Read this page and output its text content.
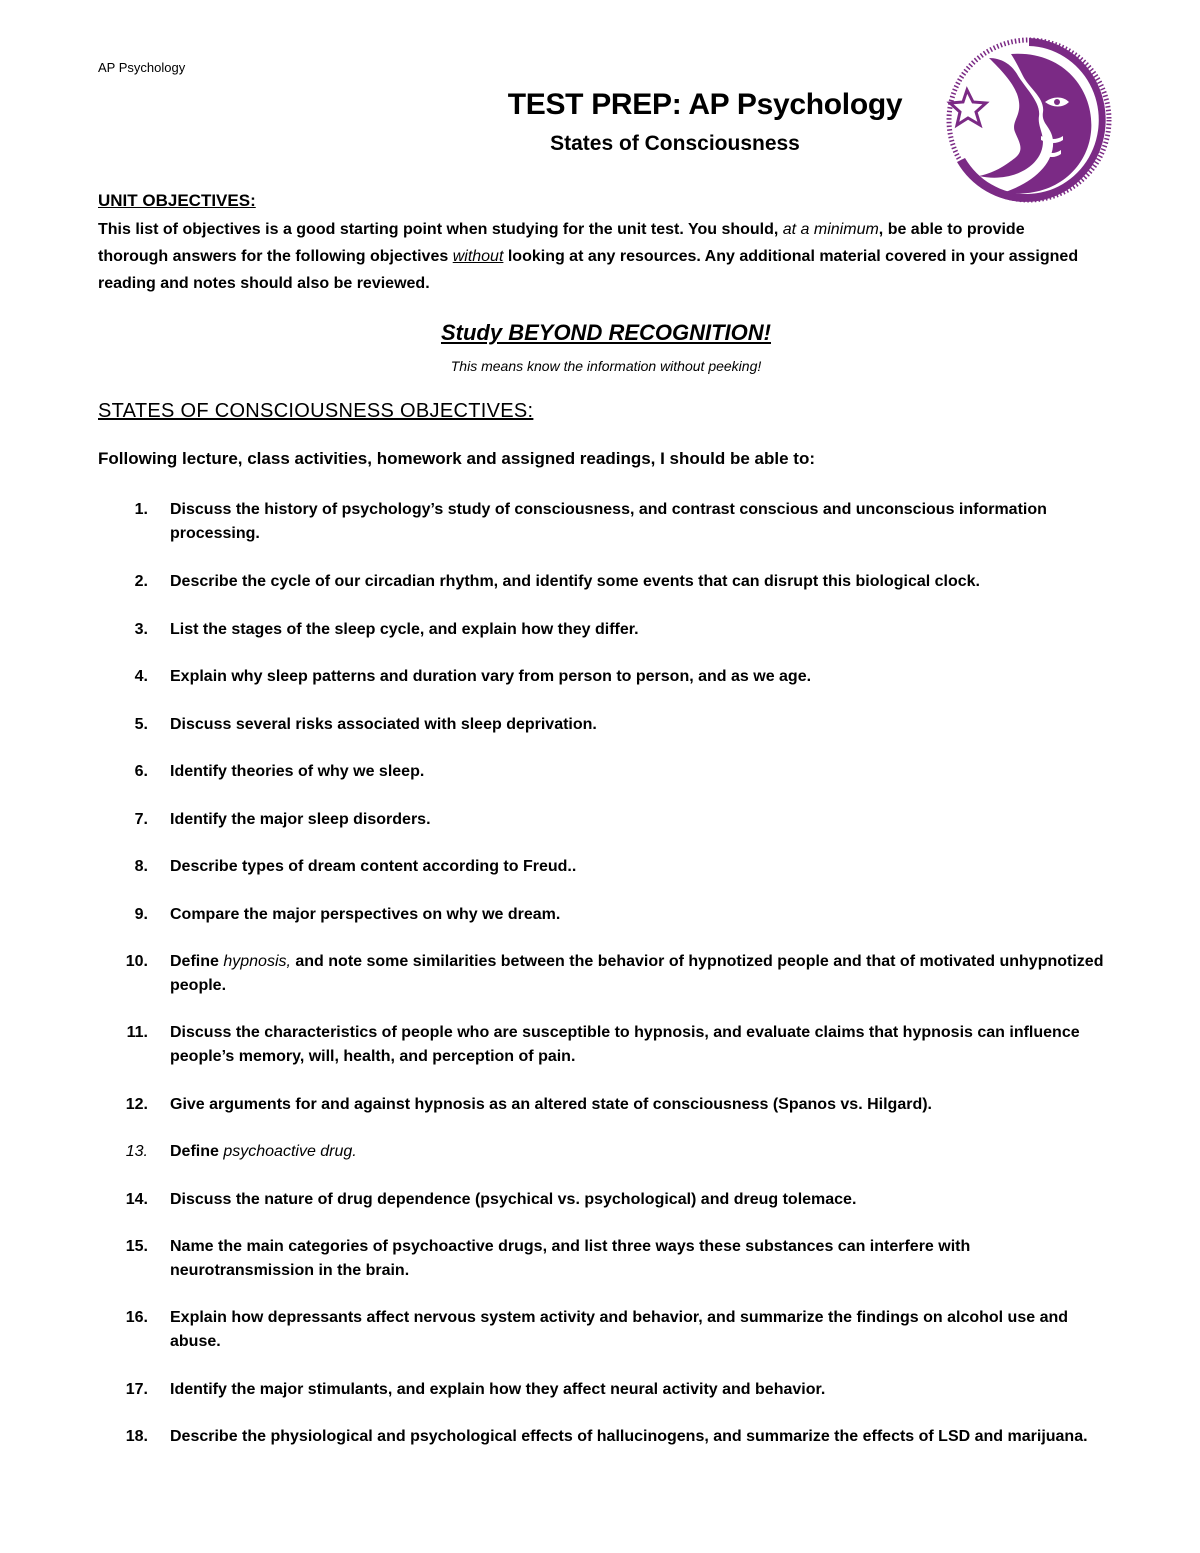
AP Psychology
TEST PREP: AP Psychology
States of Consciousness
UNIT OBJECTIVES:
This list of objectives is a good starting point when studying for the unit test. You should, at a minimum, be able to provide thorough answers for the following objectives without looking at any resources. Any additional material covered in your assigned reading and notes should also be reviewed.
Study BEYOND RECOGNITION!
This means know the information without peeking!
STATES OF CONSCIOUSNESS OBJECTIVES:
Following lecture, class activities, homework and assigned readings, I should be able to:
1. Discuss the history of psychology’s study of consciousness, and contrast conscious and unconscious information processing.
2. Describe the cycle of our circadian rhythm, and identify some events that can disrupt this biological clock.
3. List the stages of the sleep cycle, and explain how they differ.
4. Explain why sleep patterns and duration vary from person to person, and as we age.
5. Discuss several risks associated with sleep deprivation.
6. Identify theories of why we sleep.
7. Identify the major sleep disorders.
8. Describe types of dream content according to Freud..
9. Compare the major perspectives on why we dream.
10. Define hypnosis, and note some similarities between the behavior of hypnotized people and that of motivated unhypnotized people.
11. Discuss the characteristics of people who are susceptible to hypnosis, and evaluate claims that hypnosis can influence people’s memory, will, health, and perception of pain.
12. Give arguments for and against hypnosis as an altered state of consciousness (Spanos vs. Hilgard).
13. Define psychoactive drug.
14. Discuss the nature of drug dependence (psychical vs. psychological) and dreug tolemace.
15. Name the main categories of psychoactive drugs, and list three ways these substances can interfere with neurotransmission in the brain.
16. Explain how depressants affect nervous system activity and behavior, and summarize the findings on alcohol use and abuse.
17. Identify the major stimulants, and explain how they affect neural activity and behavior.
18. Describe the physiological and psychological effects of hallucinogens, and summarize the effects of LSD and marijuana.
